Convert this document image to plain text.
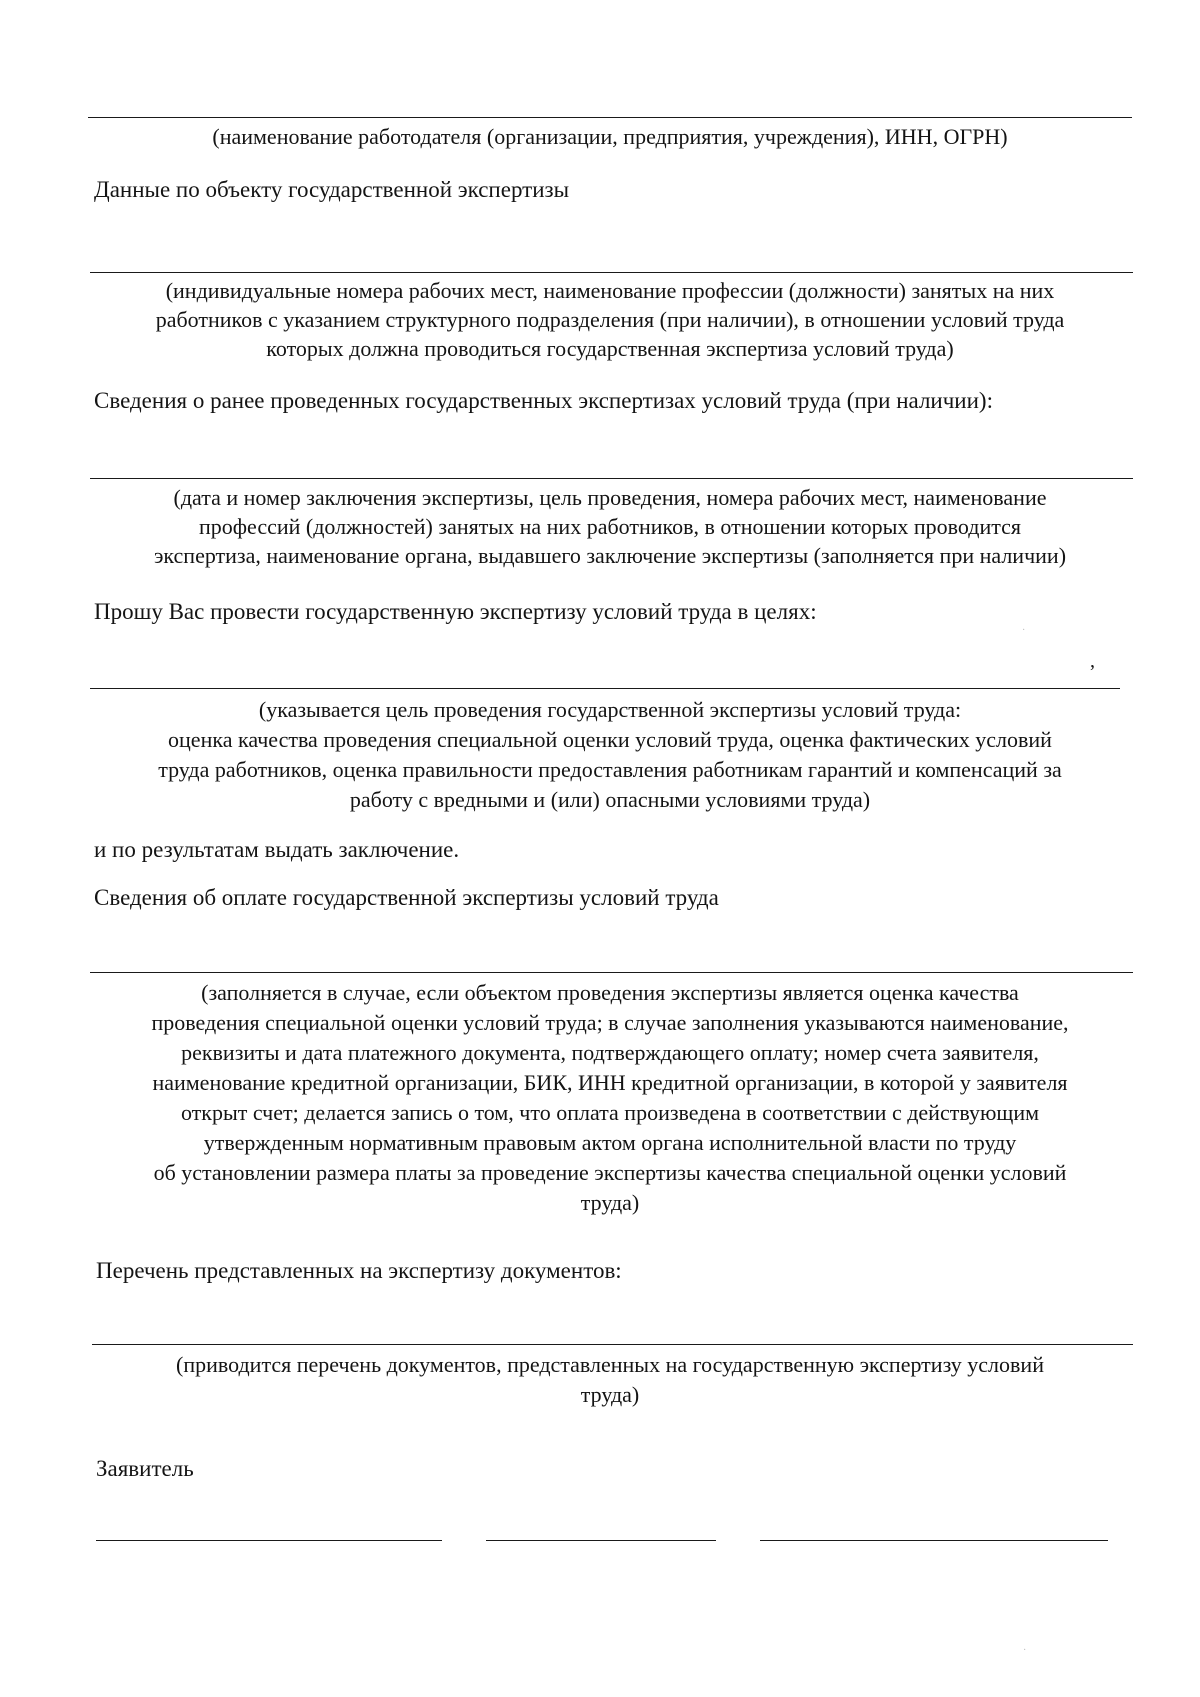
(наименование работодателя (организации, предприятия, учреждения), ИНН, ОГРН)
Данные по объекту государственной экспертизы
(индивидуальные номера рабочих мест, наименование профессии (должности) занятых на них
работников с указанием структурного подразделения (при наличии), в отношении условий труда
которых должна проводиться государственная экспертиза условий труда)
Сведения о ранее проведенных государственных экспертизах условий труда (при наличии):
(дата и номер заключения экспертизы, цель проведения, номера рабочих мест, наименование
профессий (должностей) занятых на них работников, в отношении которых проводится
экспертиза, наименование органа, выдавшего заключение экспертизы (заполняется при наличии)
Прошу Вас провести государственную экспертизу условий труда в целях:
,
(указывается цель проведения государственной экспертизы условий труда:
оценка качества проведения специальной оценки условий труда, оценка фактических условий
труда работников, оценка правильности предоставления работникам гарантий и компенсаций за
работу с вредными и (или) опасными условиями труда)
и по результатам выдать заключение.
Сведения об оплате государственной экспертизы условий труда
(заполняется в случае, если объектом проведения экспертизы является оценка качества
проведения специальной оценки условий труда; в случае заполнения указываются наименование,
реквизиты и дата платежного документа, подтверждающего оплату; номер счета заявителя,
наименование кредитной организации, БИК, ИНН кредитной организации, в которой у заявителя
открыт счет; делается запись о том, что оплата произведена в соответствии с действующим
утвержденным нормативным правовым актом органа исполнительной власти по труду
об установлении размера платы за проведение экспертизы качества специальной оценки условий
труда)
Перечень представленных на экспертизу документов:
(приводится перечень документов, представленных на государственную экспертизу условий
труда)
Заявитель
·
·
